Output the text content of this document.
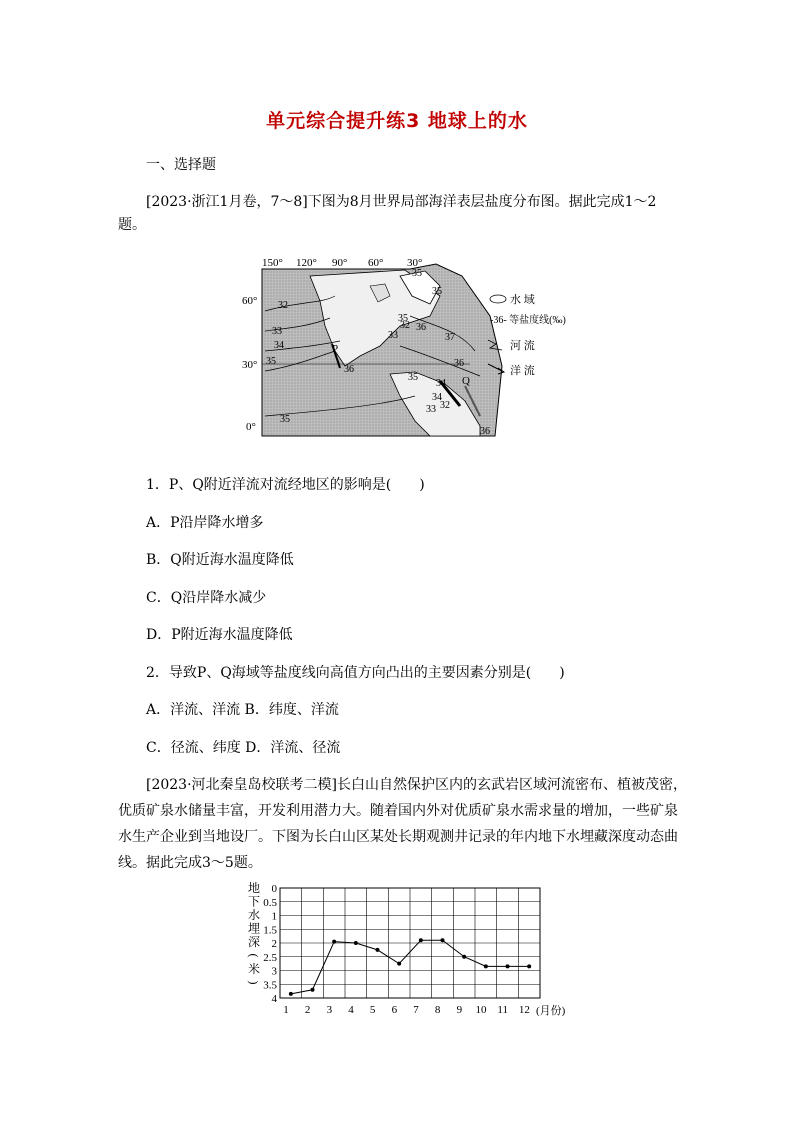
单元综合提升练3 地球上的水
一、选择题
[2023·浙江1月卷，7～8]下图为8月世界局部海洋表层盐度分布图。据此完成1～2题。
150° 120° 90° 60° 30°
60°
30°
0°
32
33
34
35
35
36
37
35
35
36
33
32
34
35
36
34
32
33
35
36
P
Q
水 域
-36- 等盐度线(‰)
河 流
洋 流
1．P、Q附近洋流对流经地区的影响是(　　)
A．P沿岸降水增多
B．Q附近海水温度降低
C．Q沿岸降水减少
D．P附近海水温度降低
2．导致P、Q海域等盐度线向高值方向凸出的主要因素分别是(　　)
A．洋流、洋流 B．纬度、洋流
C．径流、纬度 D．洋流、径流
[2023·河北秦皇岛校联考二模]长白山自然保护区内的玄武岩区域河流密布、植被茂密，
优质矿泉水储量丰富，开发利用潜力大。随着国内外对优质矿泉水需求量的增加，一些矿泉
水生产企业到当地设厂。下图为长白山区某处长期观测井记录的年内地下水埋藏深度动态曲
线。据此完成3～5题。
地
下
水
埋
深
(
米
)
0
0.5
1
1.5
2
2.5
3
3.5
4
1 2 3 4 5 6 7 8 9 10 11 12 (月份)
